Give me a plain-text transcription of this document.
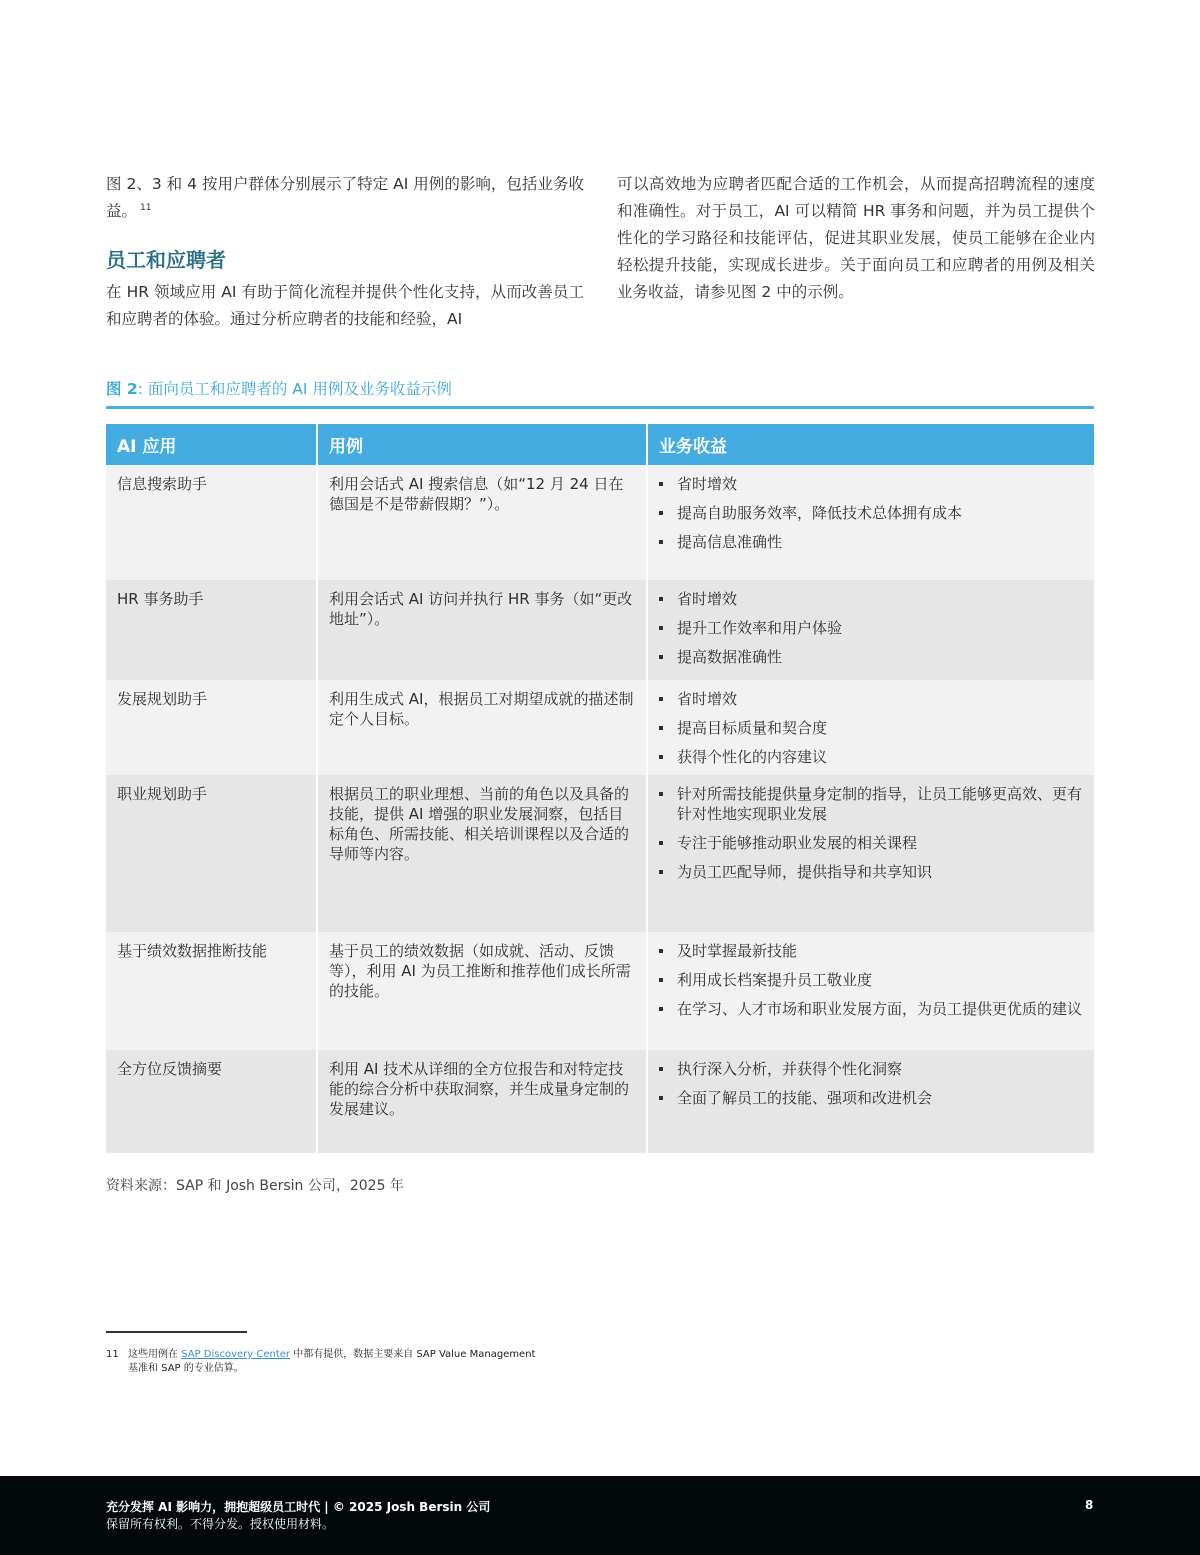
图 2、3 和 4 按用户群体分别展示了特定 AI 用例的影响，包括业务收益。 $^{11}$

可以高效地为应聘者匹配合适的工作机会，从而提高招聘流程的速度和准确性。对于员工，AI 可以精简 HR 事务和问题，并为员工提供个性化的学习路径和技能评估，促进其职业发展，使员工能够在企业内轻松提升技能，实现成长进步。关于面向员工和应聘者的用例及相关业务收益，请参见图 2 中的示例。

员工和应聘者

在 HR 领域应用 AI 有助于简化流程并提供个性化支持，从而改善员工和应聘者的体验。通过分析应聘者的技能和经验，AI

图 2: 面向员工和应聘者的 AI 用例及业务收益示例
AI 应用	用例	业务收益
信息搜索助手	利用会话式 AI 搜索信息（如“12 月 24 日在德国是不是带薪假期？”）。	
省时增效
提高自助服务效率，降低技术总体拥有成本
提高信息准确性

HR 事务助手	利用会话式 AI 访问并执行 HR 事务（如“更改地址”）。	
省时增效
提升工作效率和用户体验
提高数据准确性

发展规划助手	利用生成式 AI，根据员工对期望成就的描述制定个人目标。	
省时增效
提高目标质量和契合度
获得个性化的内容建议

职业规划助手	根据员工的职业理想、当前的角色以及具备的技能，提供 AI 增强的职业发展洞察，包括目标角色、所需技能、相关培训课程以及合适的导师等内容。	
针对所需技能提供量身定制的指导，让员工能够更高效、更有针对性地实现职业发展
专注于能够推动职业发展的相关课程
为员工匹配导师，提供指导和共享知识

基于绩效数据推断技能	基于员工的绩效数据（如成就、活动、反馈等），利用 AI 为员工推断和推荐他们成长所需的技能。	
及时掌握最新技能
利用成长档案提升员工敬业度
在学习、人才市场和职业发展方面，为员工提供更优质的建议

全方位反馈摘要	利用 AI 技术从详细的全方位报告和对特定技能的综合分析中获取洞察，并生成量身定制的发展建议。	
执行深入分析，并获得个性化洞察
全面了解员工的技能、强项和改进机会
资料来源：SAP 和 Josh Bersin 公司，2025 年
11 这些用例在 SAP Discovery Center 中都有提供，数据主要来自 SAP Value Management
基准和 SAP 的专业估算。
充分发挥 AI 影响力，拥抱超级员工时代 | © 2025 Josh Bersin 公司
保留所有权利。不得分发。授权使用材料。
8
